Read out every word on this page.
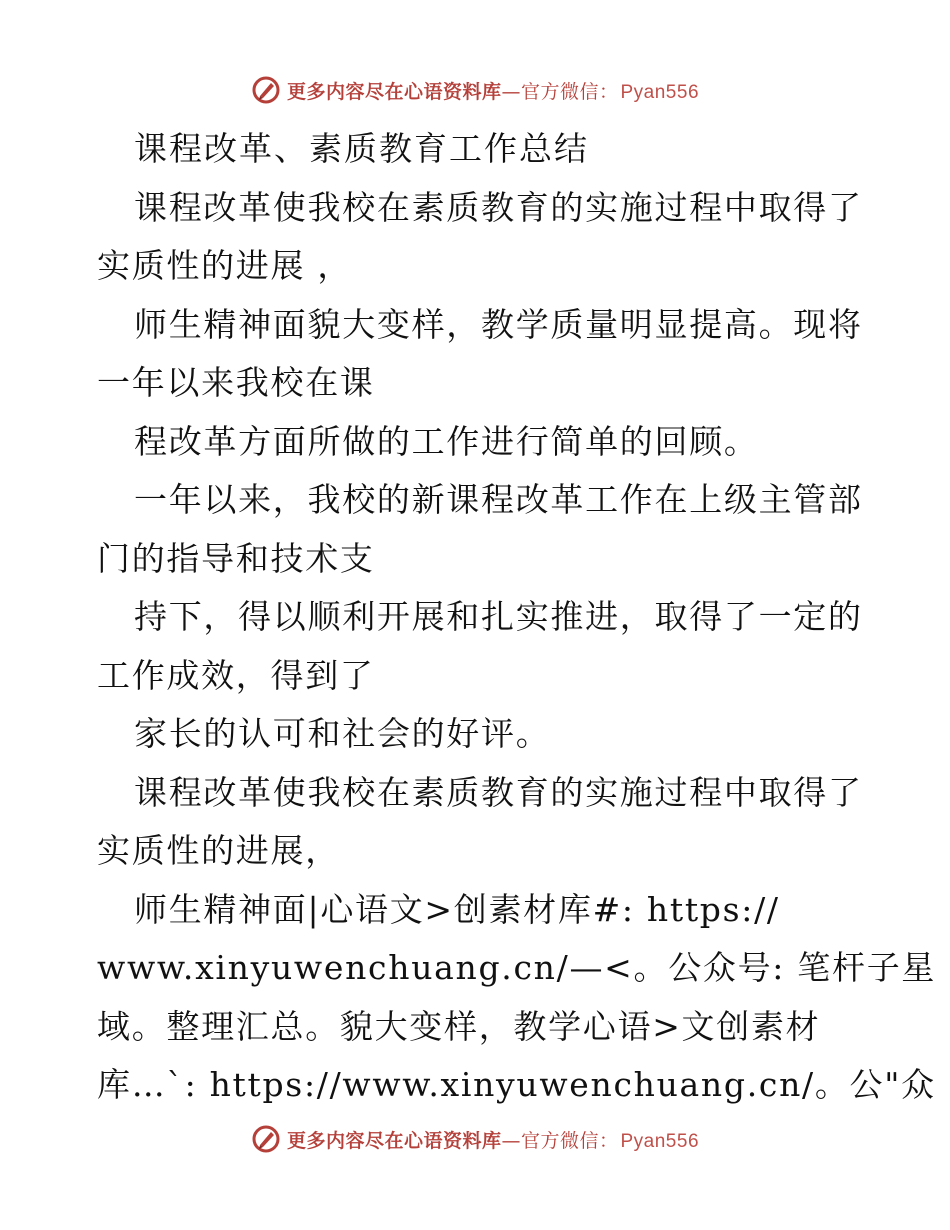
更多内容尽在心语资料库—官方微信： Pyan556
课程改革、素质教育工作总结
课程改革使我校在素质教育的实施过程中取得了
实质性的进展 ，
师生精神面貌大变样，教学质量明显提高。现将
一年以来我校在课
程改革方面所做的工作进行简单的回顾。
一年以来，我校的新课程改革工作在上级主管部
门的指导和技术支
持下，得以顺利开展和扎实推进，取得了一定的
工作成效，得到了
家长的认可和社会的好评。
课程改革使我校在素质教育的实施过程中取得了
实质性的进展，
师生精神面|心语文>创素材库#: https://
www.xinyuwenchuang.cn/—<。公众号: 笔杆子星
域。整理汇总。貌大变样，教学心语>文创素材
库…`: https://www.xinyuwenchuang.cn/。公"众
更多内容尽在心语资料库—官方微信： Pyan556
